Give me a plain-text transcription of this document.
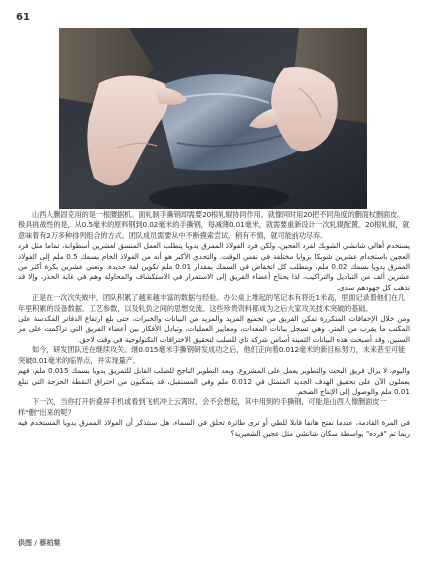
61

山西人删固克用的是一根腰据机。面轧制手撕钢却需要20根轧辊协同作用。就像同时用20把不同角度的删面杖删面皮。极具挑战性的是，从0.5毫米的原料钢到0.02毫米的手撕钢，每减薄0.01毫米，就需要重新设计一次轧辊配置。20根轧辊，就意味着有2万多种排列组合的方式。团队成员需要从中不断摸索尝试，稍有不慎，就可能前功尽弃。

يستخدم أهالي شانشي الشوبك لفرد العجين، ولكن فرد الفولاذ الممزق يدويا يتطلب العمل المنسق لعشرين أسطوانة، تماما مثل فرد العجين باستخدام عشرين شوبكا بزوايا مختلفة في نفس الوقت. والتحدي الأكبر هو أنه من الفولاذ الخام بسمك 0.5 ملم إلى الفولاذ الممزق يدويا بسمك 0.02 ملم، ويتطلب كل انخفاض في السمك بمقدار 0.01 ملم تكوين لفة جديدة. وتعني عشرين بكرة أكثر من عشرين ألف من التباديل والتراكيب، لذا يحتاج أعضاء الفريق إلى الاستمرار في الاستكشاف والمحاولة وهم في غاية الحذر، وإلا قد تذهب كل جهودهم سدى.

正是在一次次失败中，团队积累了越来越丰富的数据与经验。办公桌上堆起的笔记本有将近1米高，里面记录着他们在几年里积累的设备数据、工艺参数，以及轧负之间的思想交流。这些珍贵资料都成为之后大家攻关技术突破的基础。

ومن خلال الإخفاقات المتكررة تمكن الفريق من تجميع المزيد والمزيد من البيانات والخبرات، حتى بلغ ارتفاع الدفاتر المكدسة على المكتب ما يقرب من المتر، وهي تسجل بيانات المعدات، ومعايير العمليات، وتبادل الأفكار بين أعضاء الفريق التي تراكمت على مر السنين. وقد أصبحت هذه البيانات الثمينة أساس شركة تاي للصلب لتحقيق الاختراقات التكنولوجية في وقت لاحق.

如今，研发团队还在继续攻关。继0.015毫米手撕钢研发成功之后，他们正向着0.012毫米的新目标努力，未来甚至可能突破0.01毫米的临界点，并实现量产。

واليوم، لا يزال فريق البحث والتطوير يعمل على المشروع. وبعد التطوير الناجح للصلب القابل للتمزيق يدويا بسمك 0.015 ملم، فهم يعملون الآن على تحقيق الهدف الجديد المتمثل في 0.012 ملم وفي المستقبل، قد يتمكنون من اختراق النقطة الحرجة التي تبلغ 0.01 ملم والوصول إلى الإنتاج الضخم.

下一次，当你打开折叠屏手机或看到飞机冲上云霄时，会不会想起，其中用到的手撕钢，可能是山西人像删面皮一样“删”出来的呢？

في المرة القادمة، عندما تفتح هاتفا قابلا للطي أو ترى طائرة تحلق في السماء، هل ستتذكر أن الفولاذ الممزق يدويا المستخدم فيه ربما تم "فرده" بواسطة سكان شانشي مثل عجين الشعيرية؟

供图 / 蔡柏棠
